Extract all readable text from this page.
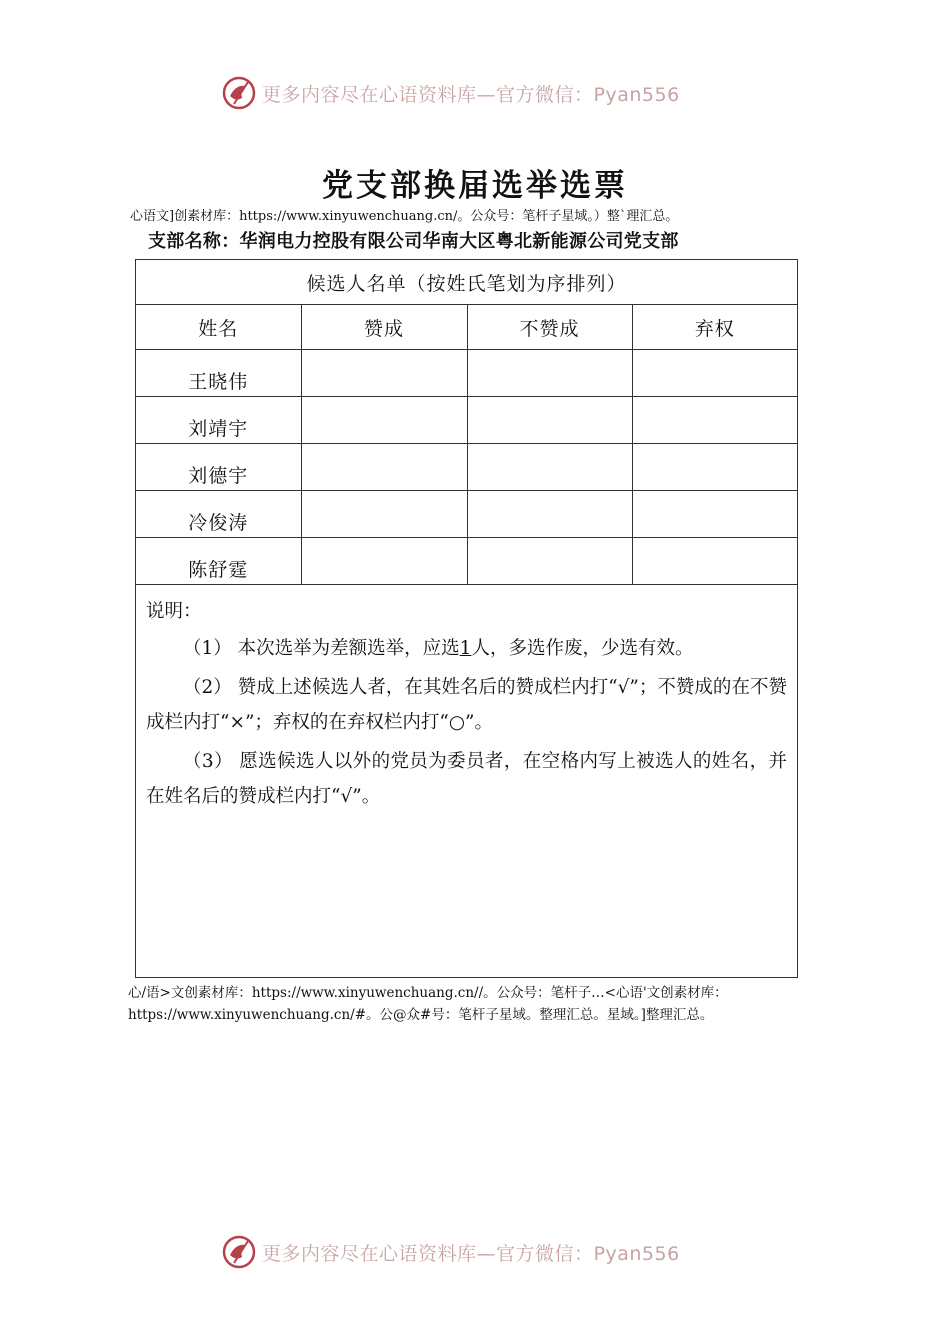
更多内容尽在心语资料库—官方微信：Pyan556
党支部换届选举选票
心语文]创素材库：https://www.xinyuwenchuang.cn/。公众号：笔杆子星域。）整`理汇总。
支部名称：华润电力控股有限公司华南大区粤北新能源公司党支部
候选人名单（按姓氏笔划为序排列）			
姓名	赞成	不赞成	弃权
王晓伟			
刘靖宇			
刘德宇			
冷俊涛			
陈舒霆			
说明：

（1） 本次选举为差额选举，应选1人，多选作废，少选有效。

（2） 赞成上述候选人者，在其姓名后的赞成栏内打“√”；不赞成的在不赞成栏内打“×”；弃权的在弃权栏内打“○”。

（3） 愿选候选人以外的党员为委员者，在空格内写上被选人的姓名，并在姓名后的赞成栏内打“√”。

心/语>文创素材库：https://www.xinyuwenchuang.cn//。公众号：笔杆子…<心语'文创素材库：https://www.xinyuwenchuang.cn/#。公@众#号：笔杆子星域。整理汇总。星域。]整理汇总。
更多内容尽在心语资料库—官方微信：Pyan556
